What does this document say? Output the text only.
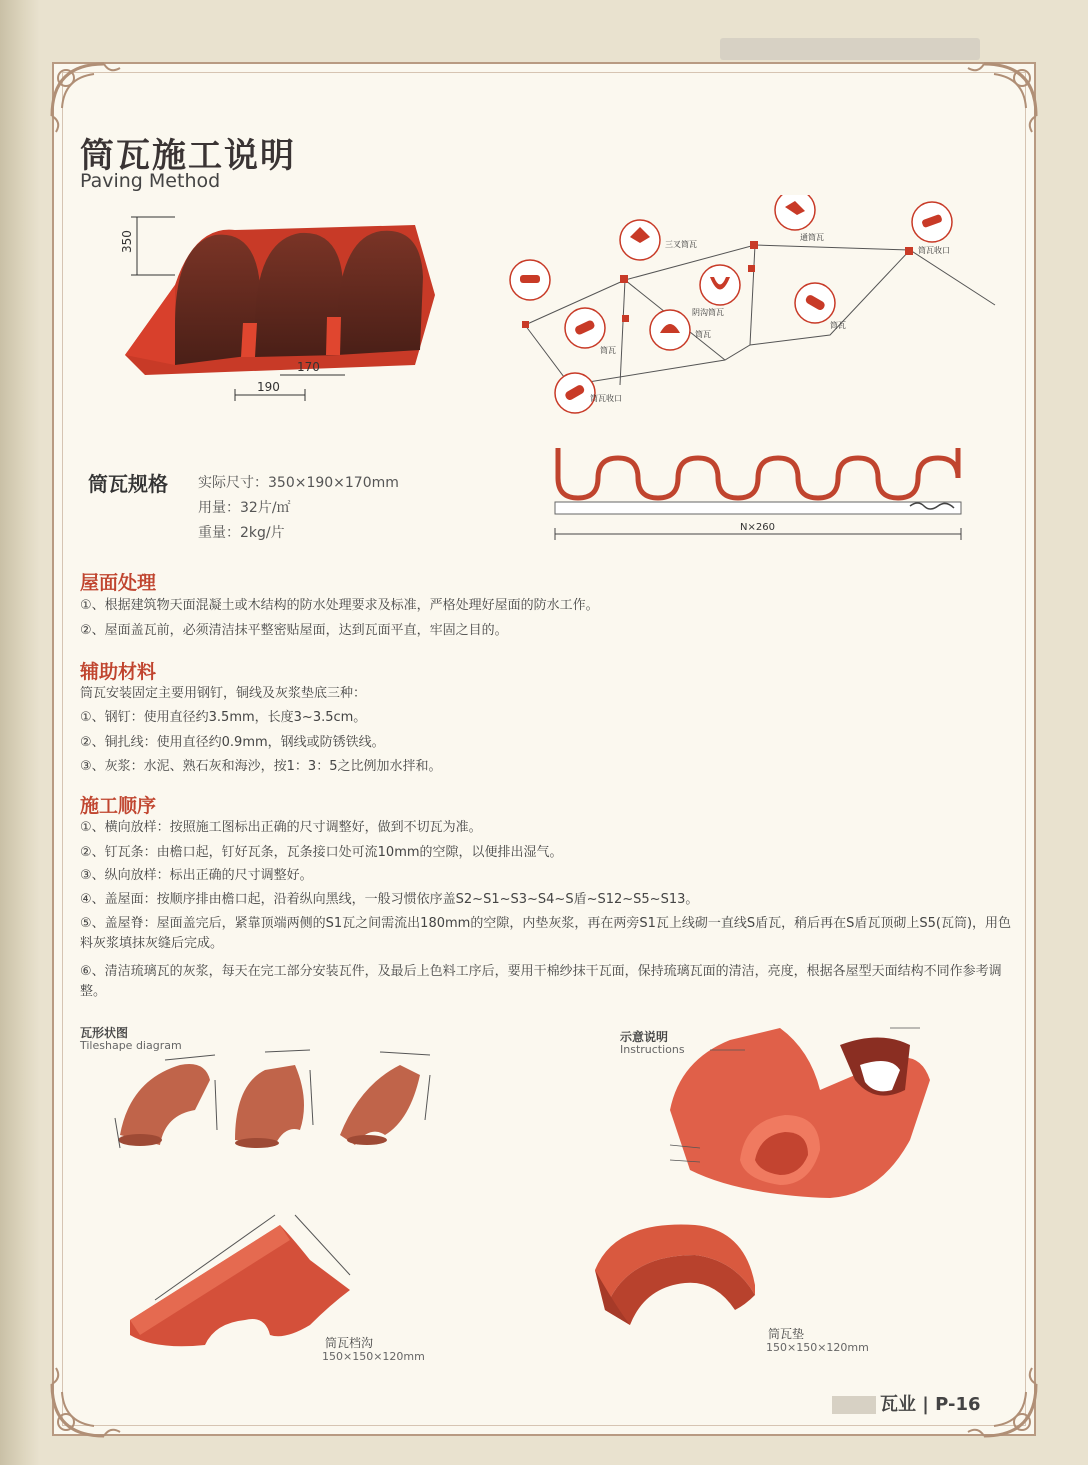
筒瓦施工说明
Paving Method
350
170
190
三叉筒瓦
通筒瓦
筒瓦收口
阴沟筒瓦
筒瓦
筒瓦
筒瓦
筒瓦收口
筒瓦规格 实际尺寸：350×190×170mm
用量：32片/㎡
重量：2kg/片	N×260
屋面处理
①、根据建筑物天面混凝土或木结构的防水处理要求及标准，严格处理好屋面的防水工作。
②、屋面盖瓦前，必须清洁抹平整密贴屋面，达到瓦面平直，牢固之目的。
辅助材料
筒瓦安装固定主要用钢钉，铜线及灰浆垫底三种：
①、钢钉：使用直径约3.5mm，长度3~3.5cm。
②、铜扎线：使用直径约0.9mm，钢线或防锈铁线。
③、灰浆：水泥、熟石灰和海沙，按1：3：5之比例加水拌和。
施工顺序
①、横向放样：按照施工图标出正确的尺寸调整好，做到不切瓦为准。
②、钉瓦条：由檐口起，钉好瓦条，瓦条接口处可流10mm的空隙，以便排出湿气。
③、纵向放样：标出正确的尺寸调整好。
④、盖屋面：按顺序排由檐口起，沿着纵向黑线，一般习惯依序盖S2~S1~S3~S4~S盾~S12~S5~S13。
⑤、盖屋脊：屋面盖完后，紧靠顶端两侧的S1瓦之间需流出180mm的空隙，内垫灰浆，再在两旁S1瓦上线砌一直线S盾瓦，稍后再在S盾瓦顶砌上S5(瓦筒)，用色料灰浆填抹灰缝后完成。
⑥、清洁琉璃瓦的灰浆，每天在完工部分安装瓦件，及最后上色料工序后，要用干棉纱抹干瓦面，保持琉璃瓦面的清洁，亮度，根据各屋型天面结构不同作参考调整。
瓦形状图
Tileshape diagram
示意说明
Instructions
筒瓦档沟
150×150×120mm
筒瓦垫
150×150×120mm
瓦业 | P-16
